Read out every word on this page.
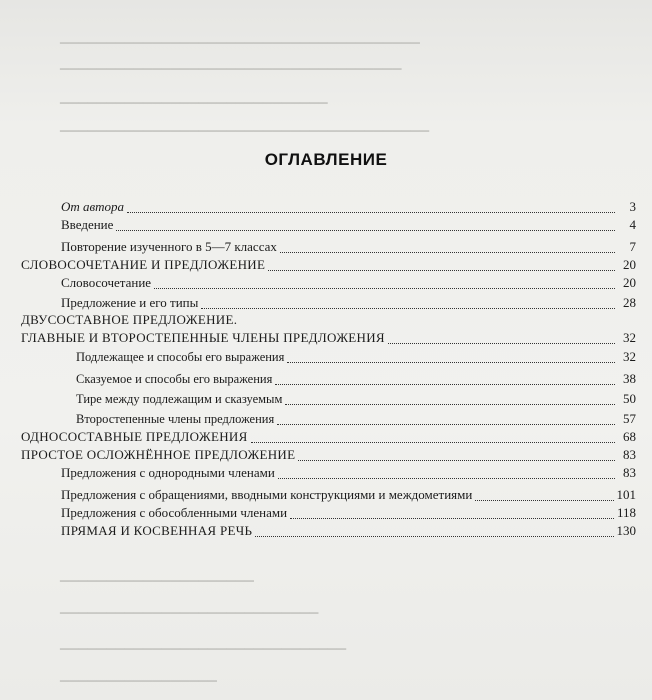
▁▁▁▁▁▁▁▁▁▁▁▁▁▁▁▁▁▁▁▁▁▁▁▁▁▁▁▁▁▁▁▁▁▁▁▁▁▁▁
▁▁▁▁▁▁▁▁▁▁▁▁▁▁▁▁▁▁▁▁▁▁▁▁▁▁▁▁▁▁▁▁▁▁▁▁▁
▁▁▁▁▁▁▁▁▁▁▁▁▁▁▁▁▁▁▁▁▁▁▁▁▁▁▁▁▁
▁▁▁▁▁▁▁▁▁▁▁▁▁▁▁▁▁▁▁▁▁▁▁▁▁▁▁▁▁▁▁▁▁▁▁▁▁▁▁▁
▁▁▁▁▁▁▁▁▁▁▁▁▁▁▁▁▁▁▁▁▁
▁▁▁▁▁▁▁▁▁▁▁▁▁▁▁▁▁▁▁▁▁▁▁▁▁▁▁▁
▁▁▁▁▁▁▁▁▁▁▁▁▁▁▁▁▁▁▁▁▁▁▁▁▁▁▁▁▁▁▁
▁▁▁▁▁▁▁▁▁▁▁▁▁▁▁▁▁
ОГЛАВЛЕНИЕ
От автора	3
Введение	4
Повторение изученного в 5—7 классах	7
СЛОВОСОЧЕТАНИЕ И ПРЕДЛОЖЕНИЕ	20
Словосочетание	20
Предложение и его типы	28
ДВУСОСТАВНОЕ ПРЕДЛОЖЕНИЕ.
ГЛАВНЫЕ И ВТОРОСТЕПЕННЫЕ ЧЛЕНЫ ПРЕДЛОЖЕНИЯ	32
Подлежащее и способы его выражения	32
Сказуемое и способы его выражения	38
Тире между подлежащим и сказуемым	50
Второстепенные члены предложения	57
ОДНОСОСТАВНЫЕ ПРЕДЛОЖЕНИЯ	68
ПРОСТОЕ ОСЛОЖНЁННОЕ ПРЕДЛОЖЕНИЕ	83
Предложения с однородными членами	83
Предложения с обращениями, вводными конструкциями и междометиями	101
Предложения с обособленными членами	118
ПРЯМАЯ И КОСВЕННАЯ РЕЧЬ	130
